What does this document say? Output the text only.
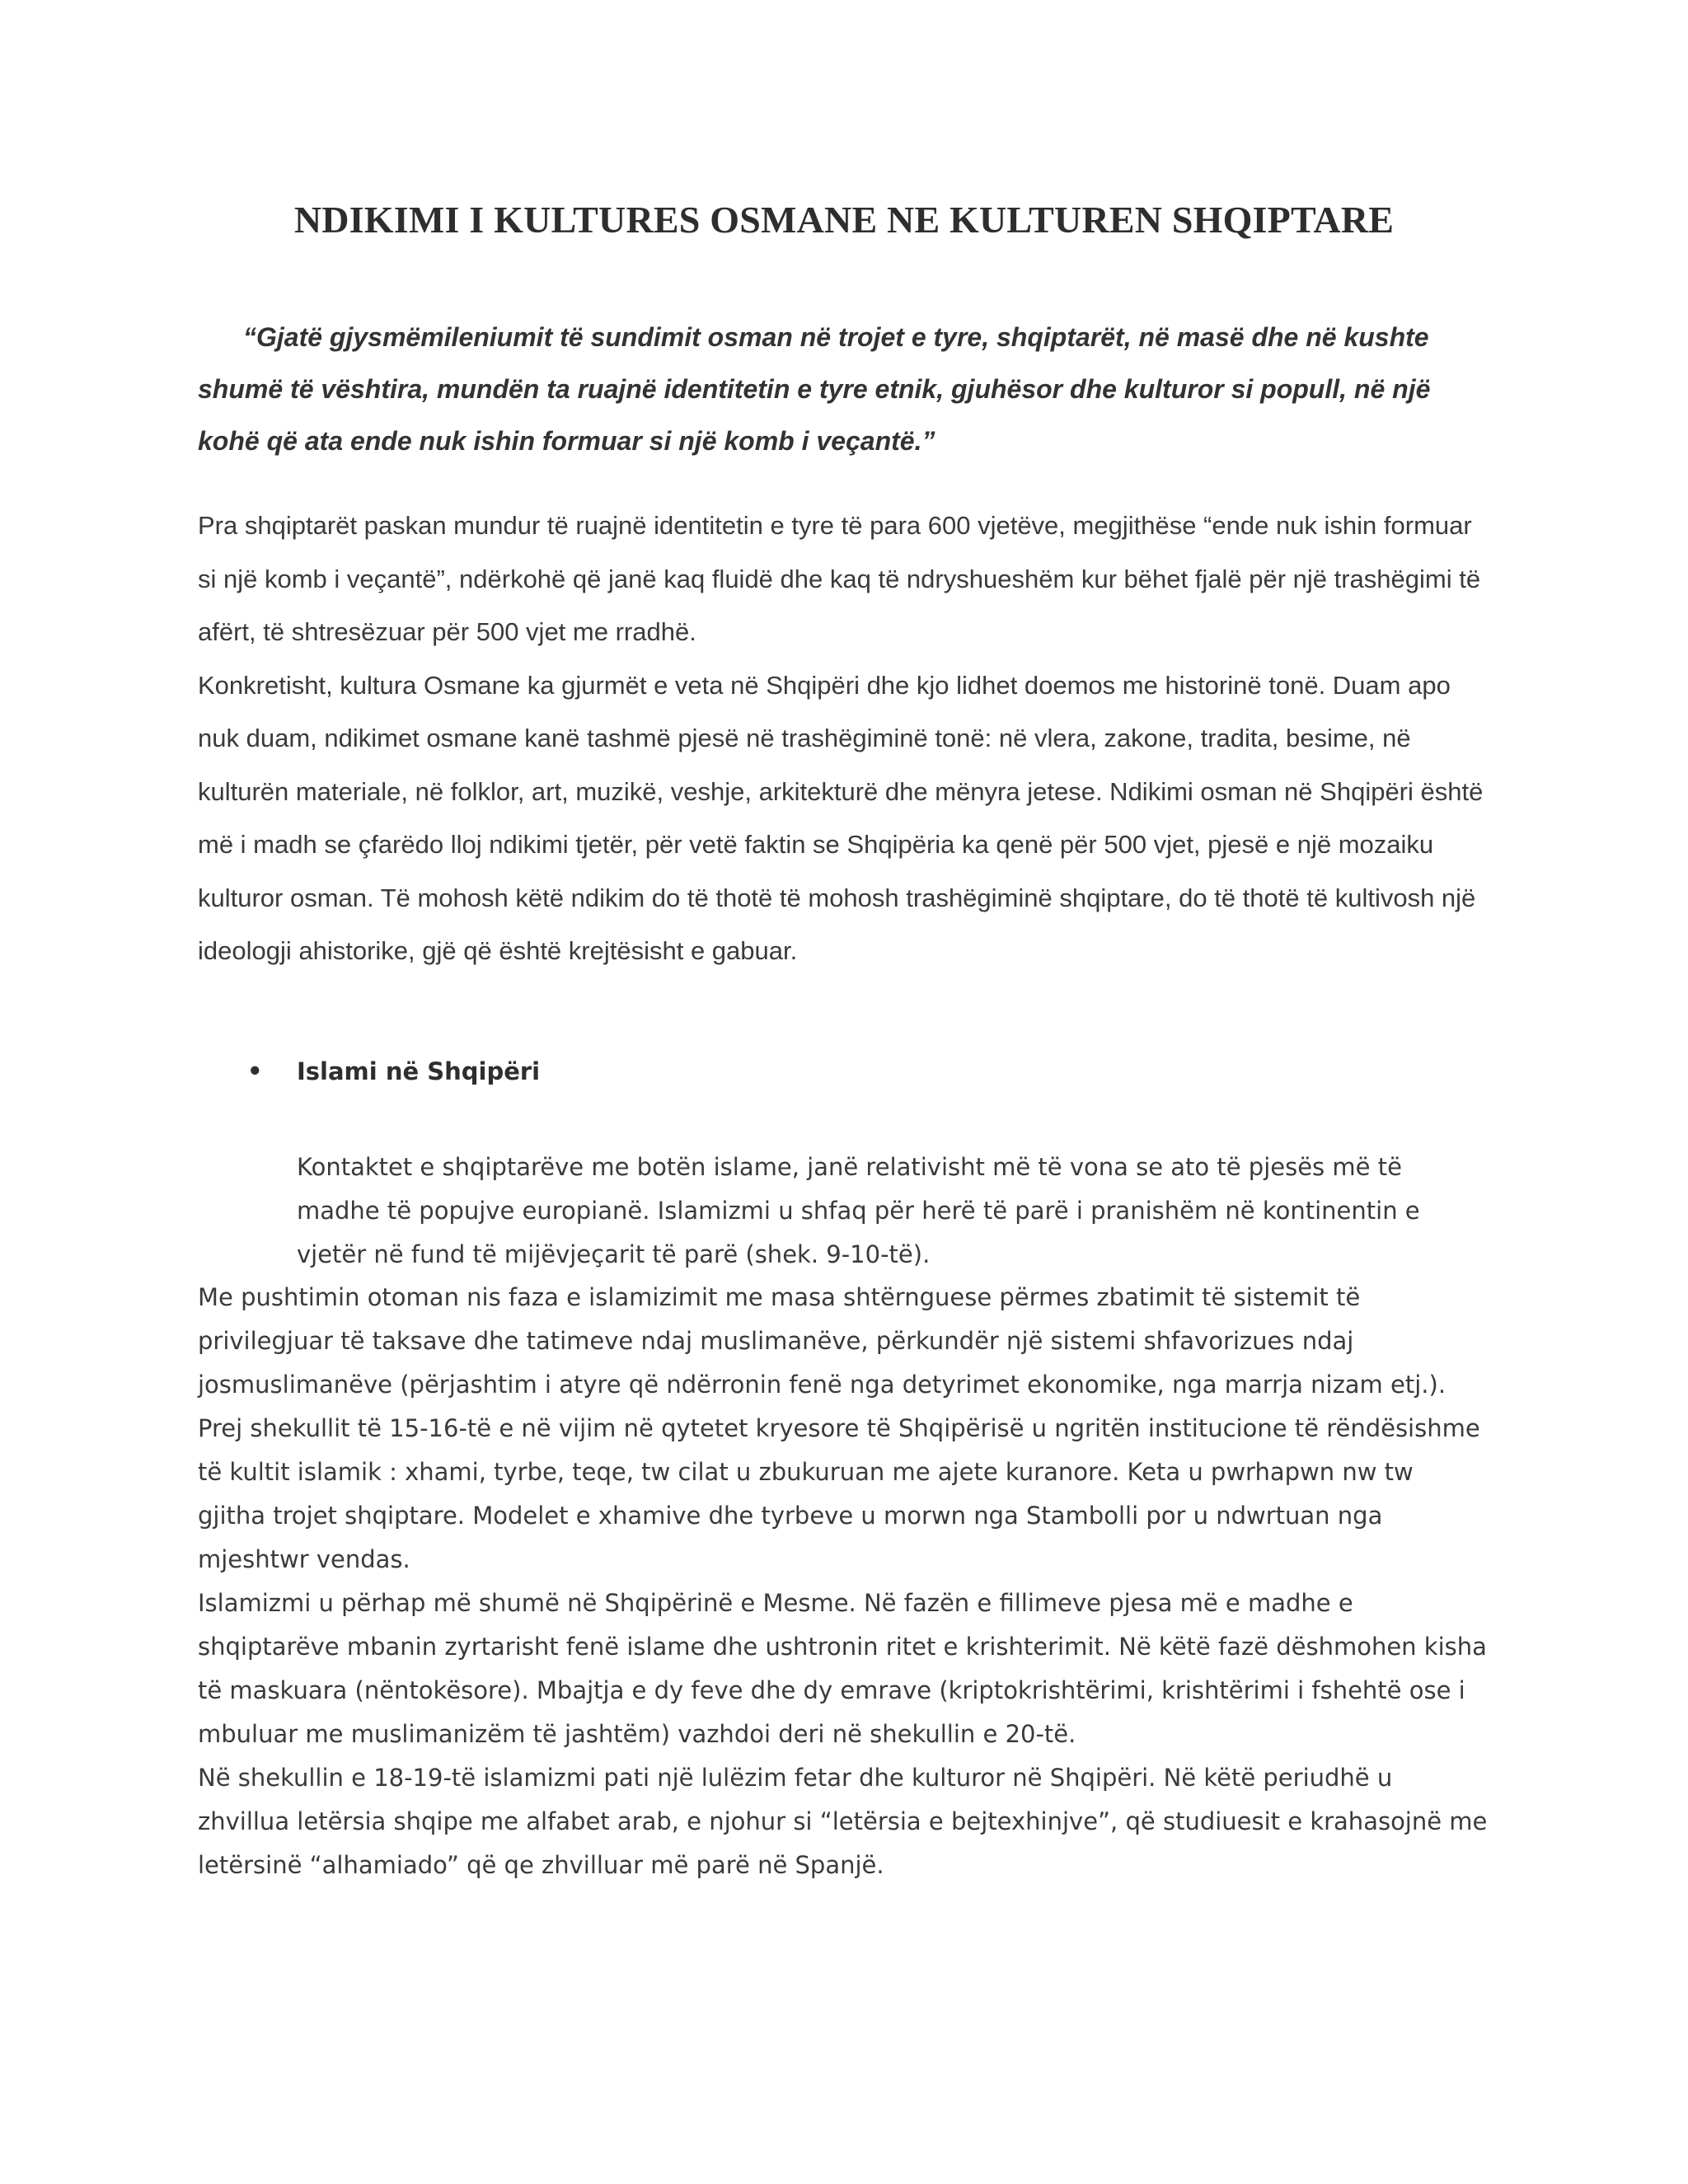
NDIKIMI I KULTURES OSMANE NE KULTUREN SHQIPTARE

“Gjatë gjysmëmileniumit të sundimit osman në trojet e tyre, shqiptarët, në masë dhe në kushte shumë të vështira, mundën ta ruajnë identitetin e tyre etnik, gjuhësor dhe kulturor si popull, në një kohë që ata ende nuk ishin formuar si një komb i veçantë.”

Pra shqiptarët paskan mundur të ruajnë identitetin e tyre të para 600 vjetëve, megjithëse “ende nuk ishin formuar si një komb i veçantë”, ndërkohë që janë kaq fluidë dhe kaq të ndryshueshëm kur bëhet fjalë për një trashëgimi të afërt, të shtresëzuar për 500 vjet me rradhë.

Konkretisht, kultura Osmane ka gjurmët e veta në Shqipëri dhe kjo lidhet doemos me historinë tonë. Duam apo nuk duam, ndikimet osmane kanë tashmë pjesë në trashëgiminë tonë: në vlera, zakone, tradita, besime, në kulturën materiale, në folklor, art, muzikë, veshje, arkitekturë dhe mënyra jetese. Ndikimi osman në Shqipëri është më i madh se çfarëdo lloj ndikimi tjetër, për vetë faktin se Shqipëria ka qenë për 500 vjet, pjesë e një mozaiku kulturor osman. Të mohosh këtë ndikim do të thotë të mohosh trashëgiminë shqiptare, do të thotë të kultivosh një ideologji ahistorike, gjë që është krejtësisht e gabuar.

•	Islami në Shqipëri

Kontaktet e shqiptarëve me botën islame, janë relativisht më të vona se ato të pjesës më të madhe të popujve europianë. Islamizmi u shfaq për herë të parë i pranishëm në kontinentin e vjetër në fund të mijëvjeçarit të parë (shek. 9-10-të).

Me pushtimin otoman nis faza e islamizimit me masa shtërnguese përmes zbatimit të sistemit të privilegjuar të taksave dhe tatimeve ndaj muslimanëve, përkundër një sistemi shfavorizues ndaj josmuslimanëve (përjashtim i atyre që ndërronin fenë nga detyrimet ekonomike, nga marrja nizam etj.).

Prej shekullit të 15-16-të e në vijim në qytetet kryesore të Shqipërisë u ngritën institucione të rëndësishme të kultit islamik : xhami, tyrbe, teqe, tw cilat u zbukuruan me ajete kuranore. Keta u pwrhapwn nw tw gjitha trojet shqiptare. Modelet e xhamive dhe tyrbeve u morwn nga Stambolli por u ndwrtuan nga mjeshtwr vendas.

Islamizmi u përhap më shumë në Shqipërinë e Mesme. Në fazën e fillimeve pjesa më e madhe e shqiptarëve mbanin zyrtarisht fenë islame dhe ushtronin ritet e krishterimit. Në këtë fazë dëshmohen kisha të maskuara (nëntokësore). Mbajtja e dy feve dhe dy emrave (kriptokrishtërimi, krishtërimi i fshehtë ose i mbuluar me muslimanizëm të jashtëm) vazhdoi deri në shekullin e 20-të.

Në shekullin e 18-19-të islamizmi pati një lulëzim fetar dhe kulturor në Shqipëri. Në këtë periudhë u zhvillua letërsia shqipe me alfabet arab, e njohur si “letërsia e bejtexhinjve”, që studiuesit e krahasojnë me letërsinë “alhamiado” që qe zhvilluar më parë në Spanjë.
